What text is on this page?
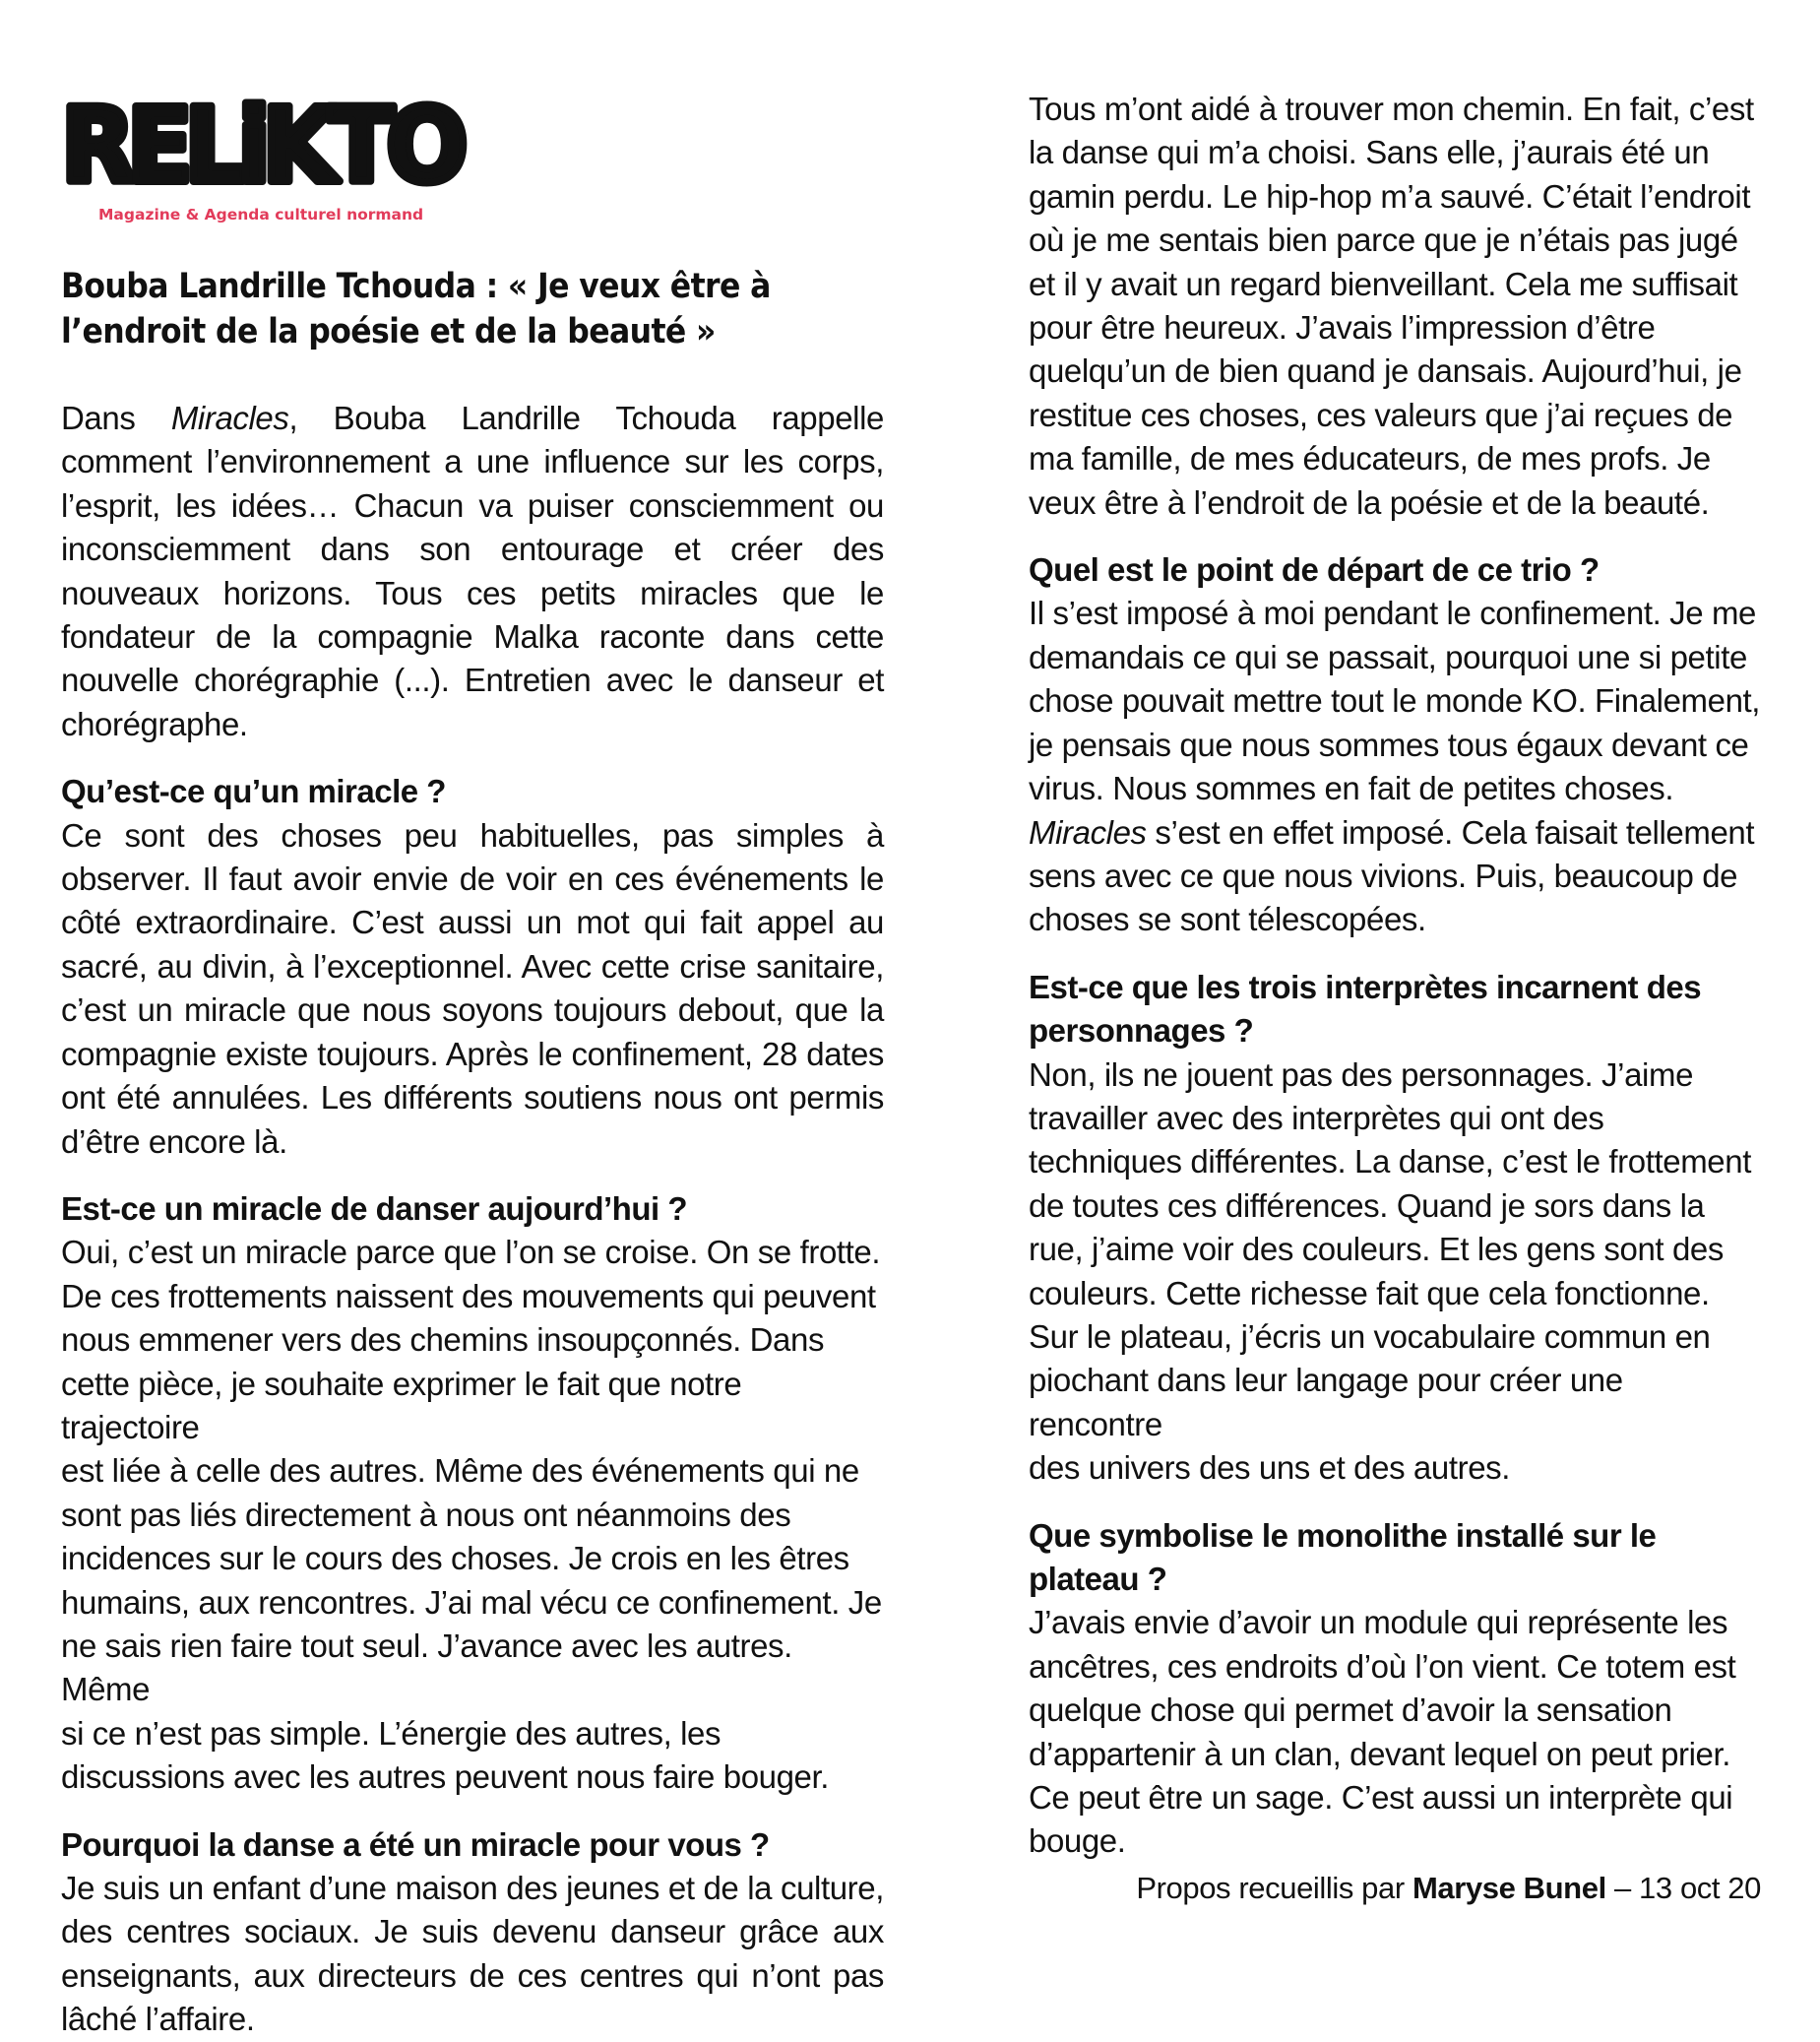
RELiKTO
Magazine & Agenda culturel normand
Bouba Landrille Tchouda : « Je veux être à
l’endroit de la poésie et de la beauté »

Dans Miracles, Bouba Landrille Tchouda rappelle comment l’environnement a une influence sur les corps, l’esprit, les idées… Chacun va puiser consciemment ou inconsciemment dans son entourage et créer des nouveaux horizons. Tous ces petits miracles que le fondateur de la compagnie Malka raconte dans cette nouvelle chorégraphie (...). Entretien avec le danseur et chorégraphe.

Qu’est-ce qu’un miracle ?

Ce sont des choses peu habituelles, pas simples à observer. Il faut avoir envie de voir en ces événements le côté extraordinaire. C’est aussi un mot qui fait appel au sacré, au divin, à l’exceptionnel. Avec cette crise sanitaire, c’est un miracle que nous soyons toujours debout, que la compagnie existe toujours. Après le confinement, 28 dates ont été annulées. Les différents soutiens nous ont permis d’être encore là.

Est-ce un miracle de danser aujourd’hui ?

Oui, c’est un miracle parce que l’on se croise. On se frotte.
De ces frottements naissent des mouvements qui peuvent
nous emmener vers des chemins insoupçonnés. Dans
cette pièce, je souhaite exprimer le fait que notre trajectoire
est liée à celle des autres. Même des événements qui ne
sont pas liés directement à nous ont néanmoins des
incidences sur le cours des choses. Je crois en les êtres
humains, aux rencontres. J’ai mal vécu ce confinement. Je
ne sais rien faire tout seul. J’avance avec les autres. Même
si ce n’est pas simple. L’énergie des autres, les
discussions avec les autres peuvent nous faire bouger.

Pourquoi la danse a été un miracle pour vous ?

Je suis un enfant d’une maison des jeunes et de la culture, des centres sociaux. Je suis devenu danseur grâce aux enseignants, aux directeurs de ces centres qui n’ont pas lâché l’affaire.

Tous m’ont aidé à trouver mon chemin. En fait, c’est
la danse qui m’a choisi. Sans elle, j’aurais été un
gamin perdu. Le hip-hop m’a sauvé. C’était l’endroit
où je me sentais bien parce que je n’étais pas jugé
et il y avait un regard bienveillant. Cela me suffisait
pour être heureux. J’avais l’impression d’être
quelqu’un de bien quand je dansais. Aujourd’hui, je
restitue ces choses, ces valeurs que j’ai reçues de
ma famille, de mes éducateurs, de mes profs. Je
veux être à l’endroit de la poésie et de la beauté.

Quel est le point de départ de ce trio ?

Il s’est imposé à moi pendant le confinement. Je me
demandais ce qui se passait, pourquoi une si petite
chose pouvait mettre tout le monde KO. Finalement,
je pensais que nous sommes tous égaux devant ce
virus. Nous sommes en fait de petites choses.
Miracles s’est en effet imposé. Cela faisait tellement
sens avec ce que nous vivions. Puis, beaucoup de
choses se sont télescopées.
Est-ce que les trois interprètes incarnent des
personnages ?
Non, ils ne jouent pas des personnages. J’aime
travailler avec des interprètes qui ont des
techniques différentes. La danse, c’est le frottement
de toutes ces différences. Quand je sors dans la
rue, j’aime voir des couleurs. Et les gens sont des
couleurs. Cette richesse fait que cela fonctionne.
Sur le plateau, j’écris un vocabulaire commun en
piochant dans leur langage pour créer une rencontre
des univers des uns et des autres.
Que symbolise le monolithe installé sur le
plateau ?
J’avais envie d’avoir un module qui représente les
ancêtres, ces endroits d’où l’on vient. Ce totem est
quelque chose qui permet d’avoir la sensation
d’appartenir à un clan, devant lequel on peut prier.
Ce peut être un sage. C’est aussi un interprète qui
bouge.
Propos recueillis par Maryse Bunel – 13 oct 20
